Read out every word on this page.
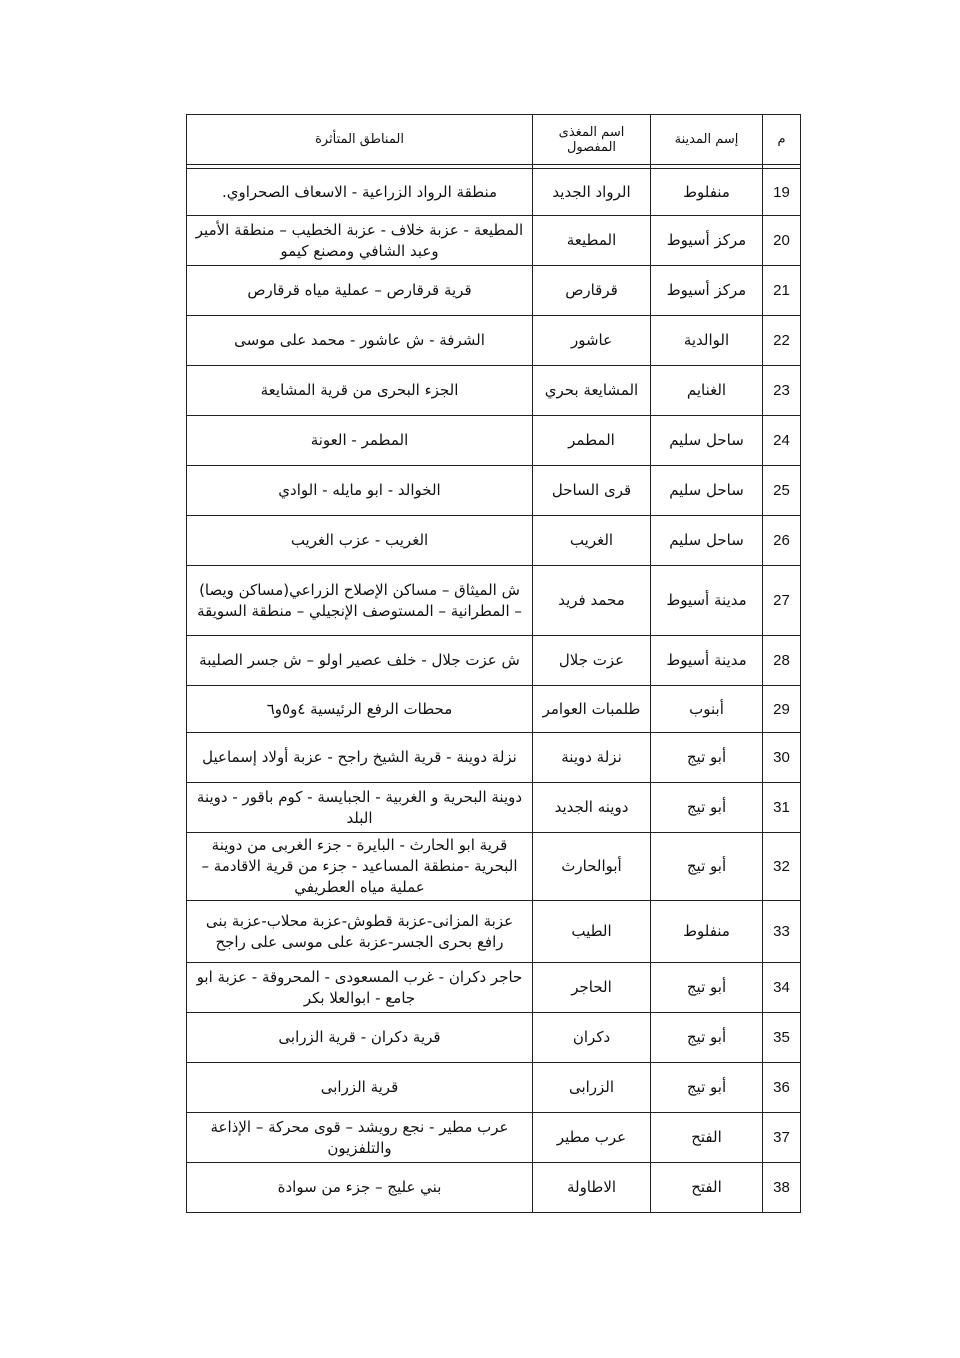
م	إسم المدينة	اسم المغذى المفصول	المناطق المتأثرة

19	منفلوط	الرواد الجديد	منطقة الرواد الزراعية - الاسعاف الصحراوي.
20	مركز أسيوط	المطيعة	المطيعة - عزبة خلاف - عزبة الخطيب – منطقة الأمير وعبد الشافي ومصنع كيمو
21	مركز أسيوط	قرقارص	قرية قرقارص – عملية مياه قرقارص
22	الوالدية	عاشور	الشرفة - ش عاشور - محمد على موسى
23	الغنايم	المشايعة بحري	الجزء البحرى من قرية المشايعة
24	ساحل سليم	المطمر	المطمر - العونة
25	ساحل سليم	قرى الساحل	الخوالد - ابو مايله - الوادي
26	ساحل سليم	الغريب	الغريب - عزب الغريب
27	مدينة أسيوط	محمد فريد	ش الميثاق – مساكن الإصلاح الزراعي(مساكن ويصا) – المطرانية – المستوصف الإنجيلي – منطقة السويقة
28	مدينة أسيوط	عزت جلال	ش عزت جلال - خلف عصير اولو – ش جسر الصليبة
29	أبنوب	طلمبات العوامر	محطات الرفع الرئيسية ٤و٥و٦
30	أبو تيج	نزلة دوينة	نزلة دوينة - قرية الشيخ راجح - عزبة أولاد إسماعيل
31	أبو تيج	دوينه الجديد	دوينة البحرية و الغربية - الجبايسة - كوم باقور - دوينة البلد
32	أبو تيج	أبوالحارث	قرية ابو الحارث - البايرة - جزء الغربى من دوينة البحرية -منطقة المساعيد - جزء من قرية الاقادمة – عملية مياه العطريفي
33	منفلوط	الطيب	عزبة المزانى-عزبة قطوش-عزبة محلاب-عزبة بنى رافع بحرى الجسر-عزبة على موسى على راجح
34	أبو تيج	الحاجر	حاجر دكران - غرب المسعودى - المحروقة - عزبة ابو جامع - ابوالعلا بكر
35	أبو تيج	دكران	قرية دكران - قرية الزرابى
36	أبو تيج	الزرابى	قرية الزرابى
37	الفتح	عرب مطير	عرب مطير - نجع رويشد – قوى محركة – الإذاعة والتلفزيون
38	الفتح	الاطاولة	بني عليج – جزء من سوادة
